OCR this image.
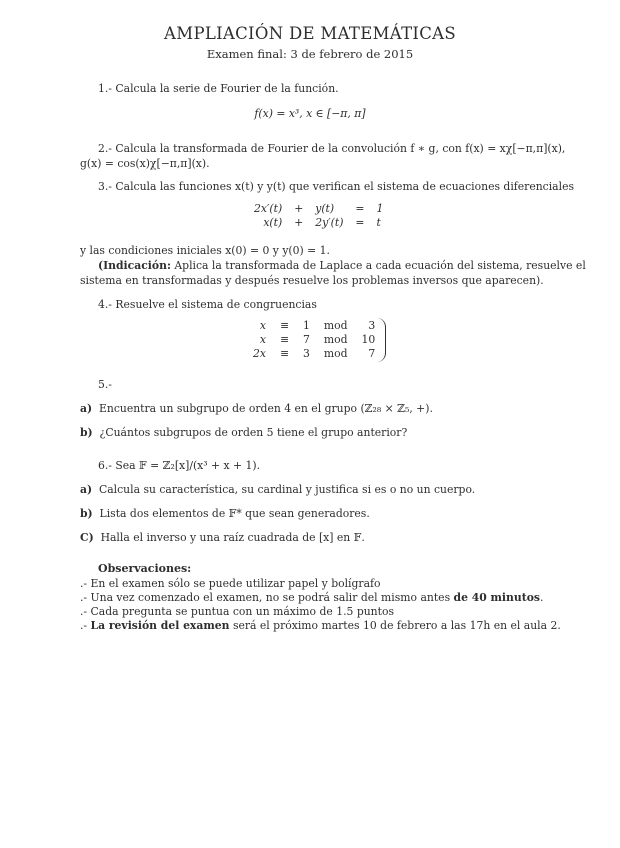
AMPLIACIÓN DE MATEMÁTICAS
Examen final: 3 de febrero de 2015
1.- Calcula la serie de Fourier de la función.
f(x) = x³, x ∈ [−π, π]
2.- Calcula la transformada de Fourier de la convolución f ∗ g, con f(x) = xχ[−π,π](x),
g(x) = cos(x)χ[−π,π](x).
3.- Calcula las funciones x(t) y y(t) que verifican el sistema de ecuaciones diferenciales
2x′(t)	+	y(t)	=	1
x(t)	+	2y′(t)	=	t
y las condiciones iniciales x(0) = 0 y y(0) = 1.
(Indicación: Aplica la transformada de Laplace a cada ecuación del sistema, resuelve el
sistema en transformadas y después resuelve los problemas inversos que aparecen).
4.- Resuelve el sistema de congruencias
x	≡	1	mod	3
x	≡	7	mod	10
2x	≡	3	mod	7
5.-
a) Encuentra un subgrupo de orden 4 en el grupo (ℤ₂₈ × ℤ₅, +).
b) ¿Cuántos subgrupos de orden 5 tiene el grupo anterior?
6.- Sea 𝔽 = ℤ₂[x]/(x³ + x + 1).
a) Calcula su característica, su cardinal y justifica si es o no un cuerpo.
b) Lista dos elementos de 𝔽* que sean generadores.
C) Halla el inverso y una raíz cuadrada de [x] en 𝔽.
Observaciones:
.- En el examen sólo se puede utilizar papel y bolígrafo
.- Una vez comenzado el examen, no se podrá salir del mismo antes de 40 minutos.
.- Cada pregunta se puntua con un máximo de 1.5 puntos
.- La revisión del examen será el próximo martes 10 de febrero a las 17h en el aula 2.
